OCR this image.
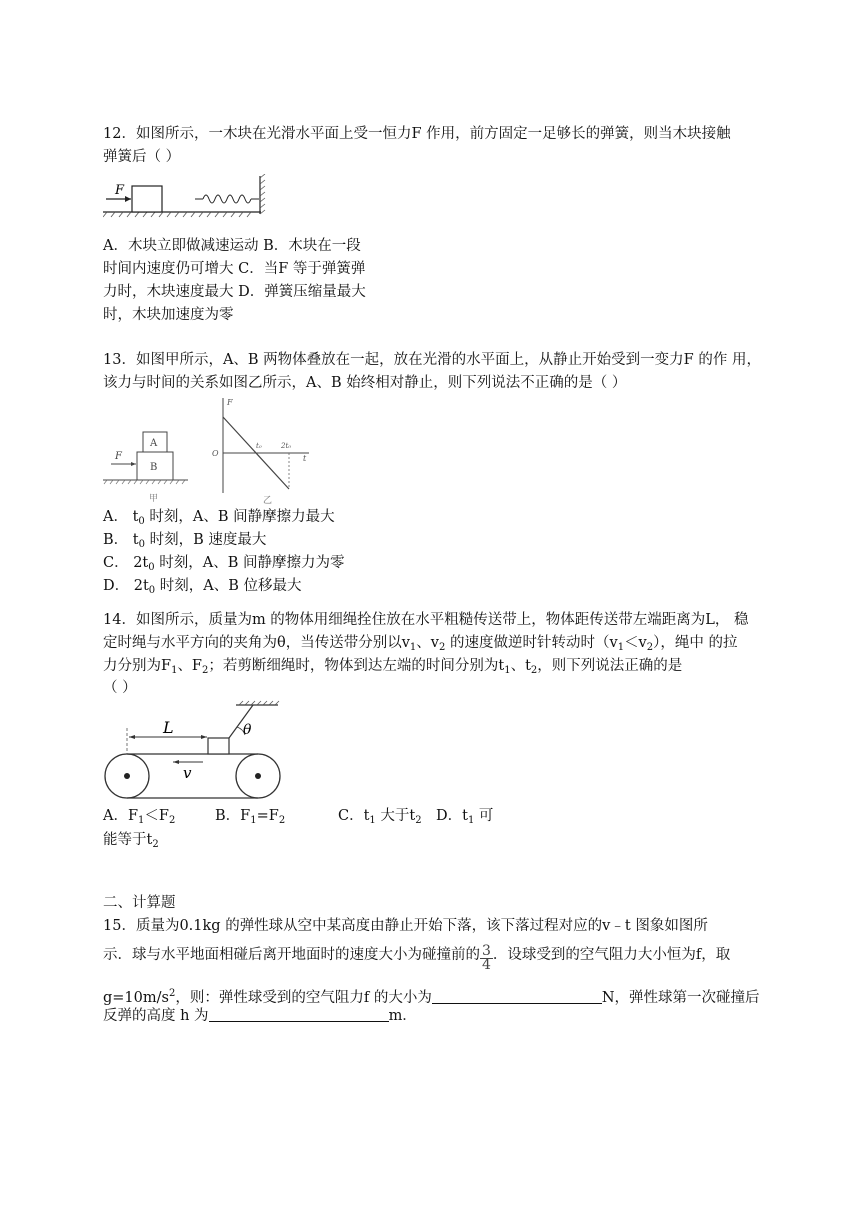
12．如图所示，一木块在光滑水平面上受一恒力F 作用，前方固定一足够长的弹簧，则当木块接触
弹簧后（ ）
F
A．木块立即做减速运动 B．木块在一段
时间内速度仍可增大 C．当F 等于弹簧弹
力时，木块速度最大 D．弹簧压缩量最大
时，木块加速度为零
13．如图甲所示，A、B 两物体叠放在一起，放在光滑的水平面上，从静止开始受到一变力F 的作 用，
该力与时间的关系如图乙所示，A、B 始终相对静止，则下列说法不正确的是（ ）
A
B
F
甲
F
O
t
t₀	2t₀
乙
A． $t_0$ 时刻，A、B 间静摩擦力最大
B． $t_0$ 时刻，B 速度最大
C． $2t_0$ 时刻，A、B 间静摩擦力为零
D． $2t_0$ 时刻，A、B 位移最大
14．如图所示，质量为m 的物体用细绳拴住放在水平粗糙传送带上，物体距传送带左端距离为L， 稳
定时绳与水平方向的夹角为θ，当传送带分别以$v_1$、$v_2$ 的速度做逆时针转动时$(v_1<v_2)$，绳中 的拉
力分别为$F_1$、$F_2$；若剪断细绳时，物体到达左端的时间分别为$t_1$、$t_2$，则下列说法正确的是
（ ）
L	θ
v
A．$F_1<F_2$	B．$F_1=F_2$	C．$t_1$ 大于$t_2$ D．$t_1$ 可
能等于$t_2$
二、计算题
15．质量为0.1kg 的弹性球从空中某高度由静止开始下落，该下落过程对应的v﹣t 图象如图所
示．球与水平地面相碰后离开地面时的速度大小为碰撞前的 $\frac{3}{4}$ ．设球受到的空气阻力大小恒为f，取
$g=10m/s^2$，则：弹性球受到的空气阻力f 的大小为	N，弹性球第一次碰撞后
反弹的高度 h 为	m．
